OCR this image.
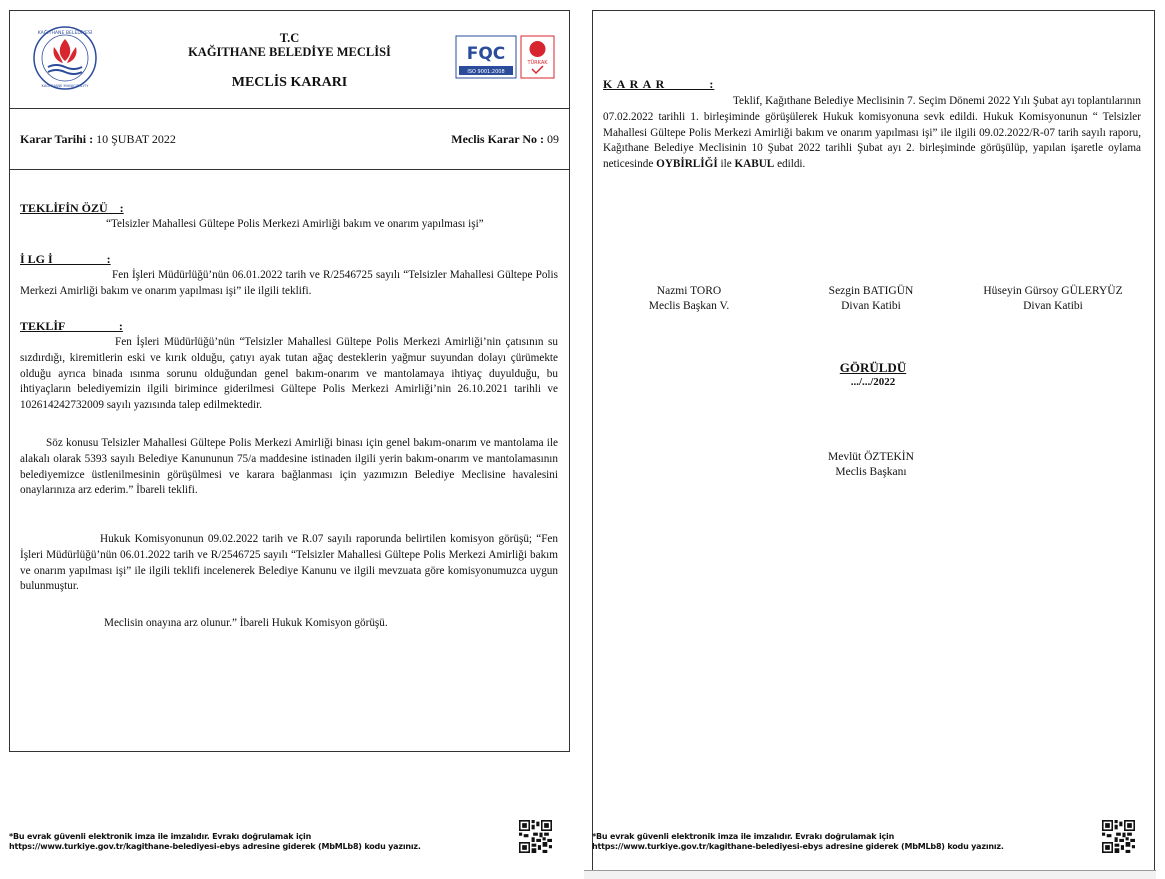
KAĞITHANE BELEDİYESİ
KAĞITHANE MUNICIPALITY
T.C
KAĞITHANE BELEDİYE MECLİSİ
MECLİS KARARI
FQC
ISO 9001:2008
TÜRKAK
Karar Tarihi : 10 ŞUBAT 2022	Meclis Karar No : 09
TEKLİFİN ÖZÜ    :
“Telsizler Mahallesi Gültepe Polis Merkezi Amirliği bakım ve onarım yapılması işi”
İ LG İ                  :
Fen İşleri Müdürlüğü’nün 06.01.2022 tarih ve R/2546725 sayılı “Telsizler Mahallesi Gültepe Polis Merkezi Amirliği bakım ve onarım yapılması işi” ile ilgili teklifi.
TEKLİF                  :
Fen İşleri Müdürlüğü’nün “Telsizler Mahallesi Gültepe Polis Merkezi Amirliği’nin çatısının su sızdırdığı, kiremitlerin eski ve kırık olduğu, çatıyı ayak tutan ağaç desteklerin yağmur suyundan dolayı çürümekte olduğu ayrıca binada ısınma sorunu olduğundan genel bakım-onarım ve mantolamaya ihtiyaç duyulduğu, bu ihtiyaçların belediyemizin ilgili birimince giderilmesi Gültepe Polis Merkezi Amirliği’nin 26.10.2021 tarihli ve 102614242732009 sayılı yazısında talep edilmektedir.
Söz konusu Telsizler Mahallesi Gültepe Polis Merkezi Amirliği binası için genel bakım-onarım ve mantolama ile alakalı olarak 5393 sayılı Belediye Kanununun 75/a maddesine istinaden ilgili yerin bakım-onarım ve mantolamasının belediyemizce üstlenilmesinin görüşülmesi ve karara bağlanması için yazımızın Belediye Meclisine havalesini onaylarınıza arz ederim.” İbareli teklifi.
Hukuk Komisyonunun 09.02.2022 tarih ve R.07 sayılı raporunda belirtilen komisyon görüşü; “Fen İşleri Müdürlüğü’nün 06.01.2022 tarih ve R/2546725 sayılı “Telsizler Mahallesi Gültepe Polis Merkezi Amirliği bakım ve onarım yapılması işi” ile ilgili teklifi incelenerek Belediye Kanunu ve ilgili mevzuata göre komisyonumuzca uygun bulunmuştur.
Meclisin onayına arz olunur.” İbareli Hukuk Komisyon görüşü.
*Bu evrak güvenli elektronik imza ile imzalıdır. Evrakı doğrulamak için
https://www.turkiye.gov.tr/kagithane-belediyesi-ebys adresine giderek (MbMLb8) kodu yazınız.
K A R A R           :
Teklif, Kağıthane Belediye Meclisinin 7. Seçim Dönemi 2022 Yılı Şubat ayı toplantılarının 07.02.2022 tarihli 1. birleşiminde görüşülerek Hukuk komisyonuna sevk edildi. Hukuk Komisyonunun “ Telsizler Mahallesi Gültepe Polis Merkezi Amirliği bakım ve onarım yapılması işi” ile ilgili 09.02.2022/R-07 tarih sayılı raporu, Kağıthane Belediye Meclisinin 10 Şubat 2022 tarihli Şubat ayı 2. birleşiminde görüşülüp, yapılan işaretle oylama neticesinde OYBİRLİĞİ ile KABUL edildi.
Nazmi TORO
Meclis Başkan V.
Sezgin BATIGÜN
Divan Katibi
Hüseyin Gürsoy GÜLERYÜZ
Divan Katibi
GÖRÜLDÜ
.../.../2022
Mevlüt ÖZTEKİN
Meclis Başkanı
*Bu evrak güvenli elektronik imza ile imzalıdır. Evrakı doğrulamak için
https://www.turkiye.gov.tr/kagithane-belediyesi-ebys adresine giderek (MbMLb8) kodu yazınız.
